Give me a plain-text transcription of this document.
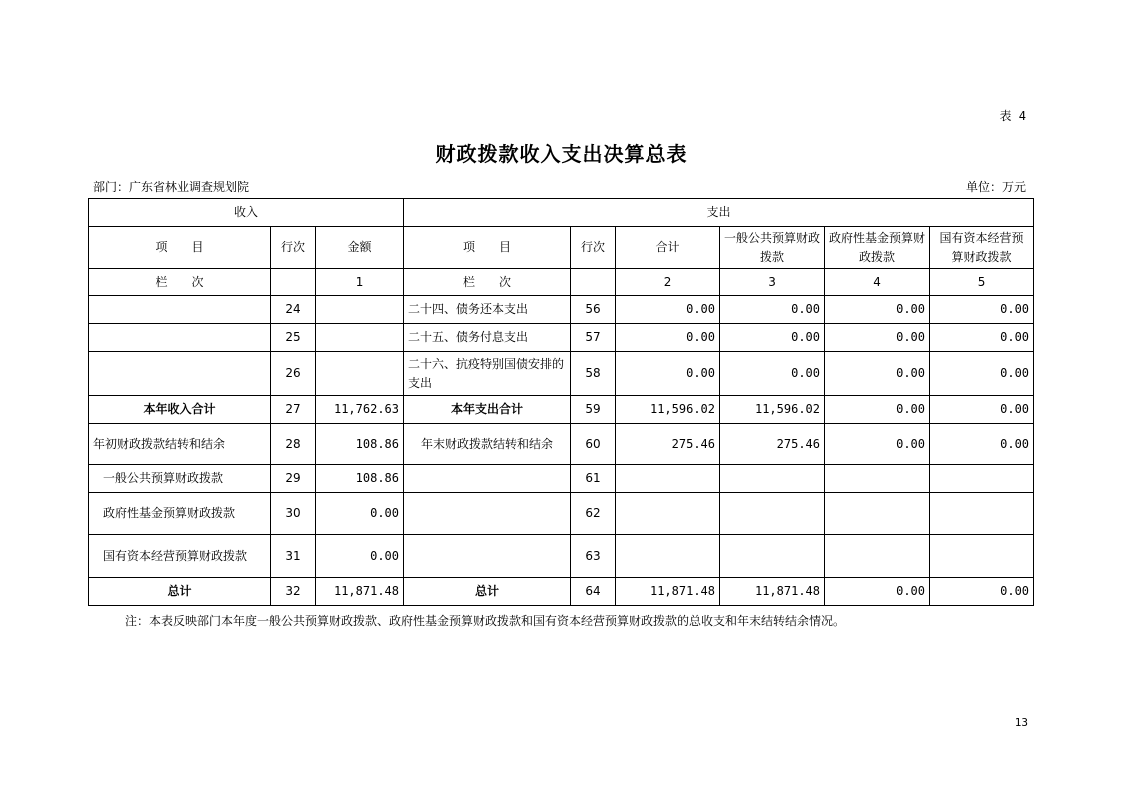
表 4
财政拨款收入支出决算总表
部门：广东省林业调查规划院	单位：万元
收入			支出					
项　　目	行次	金额	项　　目	行次	合计	一般公共预算财政拨款	政府性基金预算财政拨款	国有资本经营预算财政拨款
栏　　次		1	栏　　次		2	3	4	5
	24		二十四、债务还本支出	56	0.00	0.00	0.00	0.00
	25		二十五、债务付息支出	57	0.00	0.00	0.00	0.00
	26		二十六、抗疫特别国债安排的支出	58	0.00	0.00	0.00	0.00
本年收入合计	27	11,762.63	本年支出合计	59	11,596.02	11,596.02	0.00	0.00
年初财政拨款结转和结余	28	108.86	年末财政拨款结转和结余	60	275.46	275.46	0.00	0.00
一般公共预算财政拨款	29	108.86		61				
政府性基金预算财政拨款	30	0.00		62				
国有资本经营预算财政拨款	31	0.00		63				
总计	32	11,871.48	总计	64	11,871.48	11,871.48	0.00	0.00
注：本表反映部门本年度一般公共预算财政拨款、政府性基金预算财政拨款和国有资本经营预算财政拨款的总收支和年末结转结余情况。
13
